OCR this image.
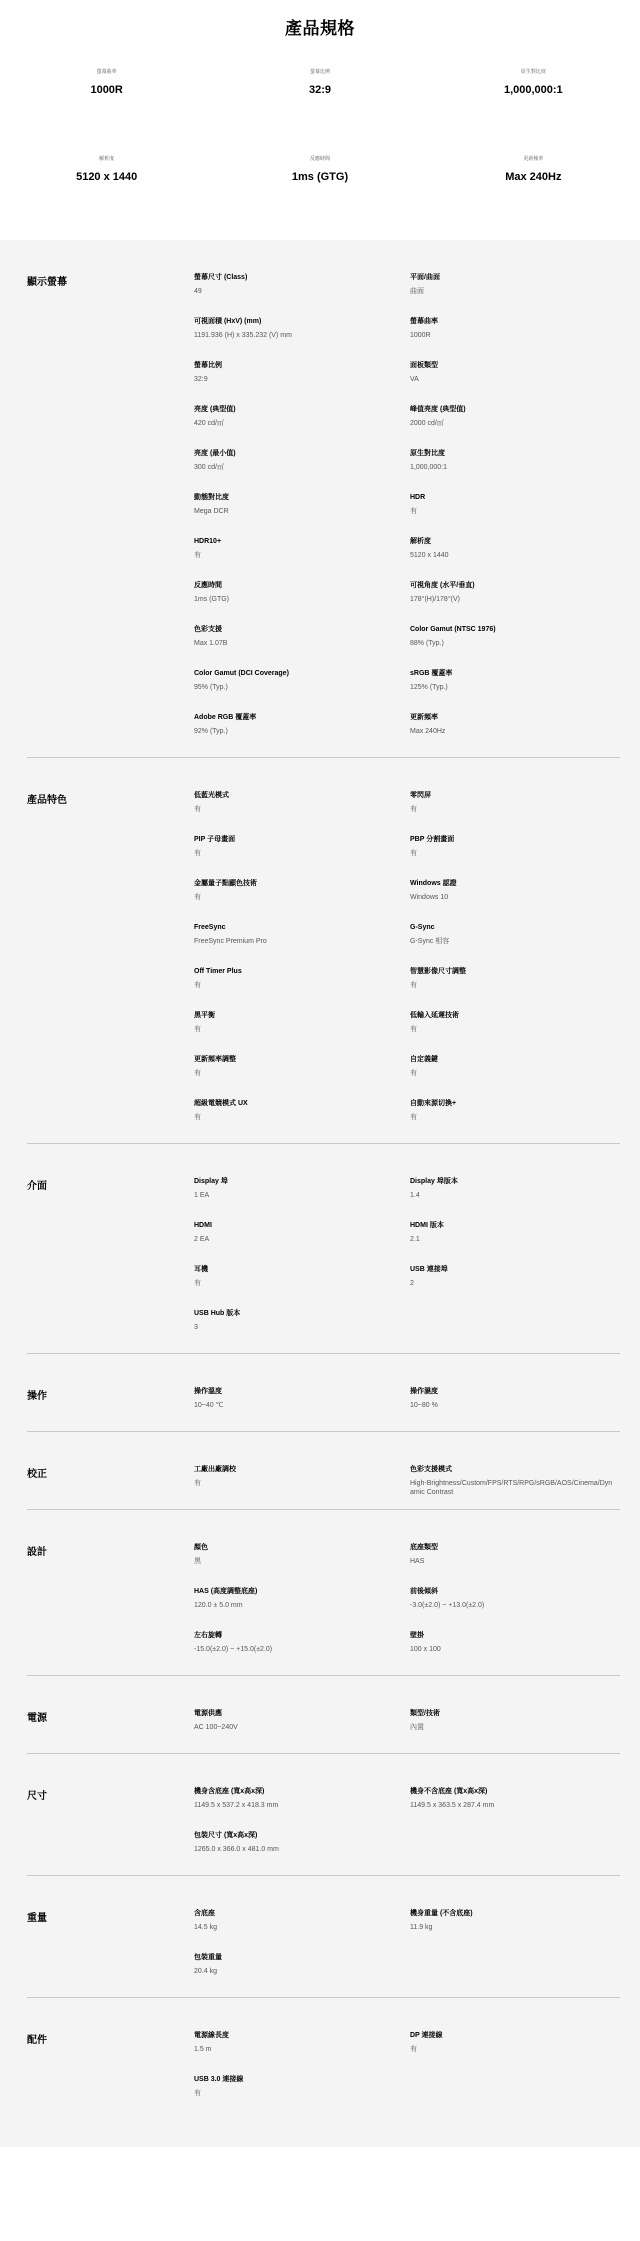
產品規格
螢幕曲率
1000R
螢幕比例
32:9
原生對比度
1,000,000:1
解析度
5120 x 1440
反應時間
1ms (GTG)
更新頻率
Max 240Hz
顯示螢幕	螢幕尺寸 (Class)
49
平面/曲面
曲面
可視面積 (HxV) (mm)
1191.936 (H) x 335.232 (V) mm
螢幕曲率
1000R
螢幕比例
32:9
面板類型
VA
亮度 (典型值)
420 cd/㎡
峰值亮度 (典型值)
2000 cd/㎡
亮度 (最小值)
300 cd/㎡
原生對比度
1,000,000:1
動態對比度
Mega DCR
HDR
有
HDR10+
有
解析度
5120 x 1440
反應時間
1ms (GTG)
可視角度 (水平/垂直)
178°(H)/178°(V)
色彩支援
Max 1.07B
Color Gamut (NTSC 1976)
88% (Typ.)
Color Gamut (DCI Coverage)
95% (Typ.)
sRGB 覆蓋率
125% (Typ.)
Adobe RGB 覆蓋率
92% (Typ.)
更新頻率
Max 240Hz
產品特色	低藍光模式
有
零閃屏
有
PIP 子母畫面
有
PBP 分割畫面
有
金屬量子點顯色技術
有
Windows 認證
Windows 10
FreeSync
FreeSync Premium Pro
G-Sync
G-Sync 相容
Off Timer Plus
有
智慧影像尺寸調整
有
黑平衡
有
低輸入延遲技術
有
更新頻率調整
有
自定義鍵
有
超級電競模式 UX
有
自動來源切換+
有
介面	Display 埠
1 EA
Display 埠版本
1.4
HDMI
2 EA
HDMI 版本
2.1
耳機
有
USB 連接埠
2
USB Hub 版本
3
操作	操作溫度
10~40 ℃
操作濕度
10~80 %
校正	工廠出廠調校
有
色彩支援模式
High-Brightness/Custom/FPS/RTS/RPG/sRGB/AOS/Cinema/Dynamic Contrast
設計	顏色
黑
底座類型
HAS
HAS (高度調整底座)
120.0 ± 5.0 mm
前後傾斜
-3.0(±2.0) ~ +13.0(±2.0)
左右旋轉
-15.0(±2.0) ~ +15.0(±2.0)
壁掛
100 x 100
電源	電源供應
AC 100~240V
類型/技術
內置
尺寸	機身含底座 (寬x高x深)
1149.5 x 537.2 x 418.3 mm
機身不含底座 (寬x高x深)
1149.5 x 363.5 x 287.4 mm
包裝尺寸 (寬x高x深)
1265.0 x 366.0 x 481.0 mm
重量	含底座
14.5 kg
機身重量 (不含底座)
11.9 kg
包裝重量
20.4 kg
配件	電源線長度
1.5 m
DP 連接線
有
USB 3.0 連接線
有
